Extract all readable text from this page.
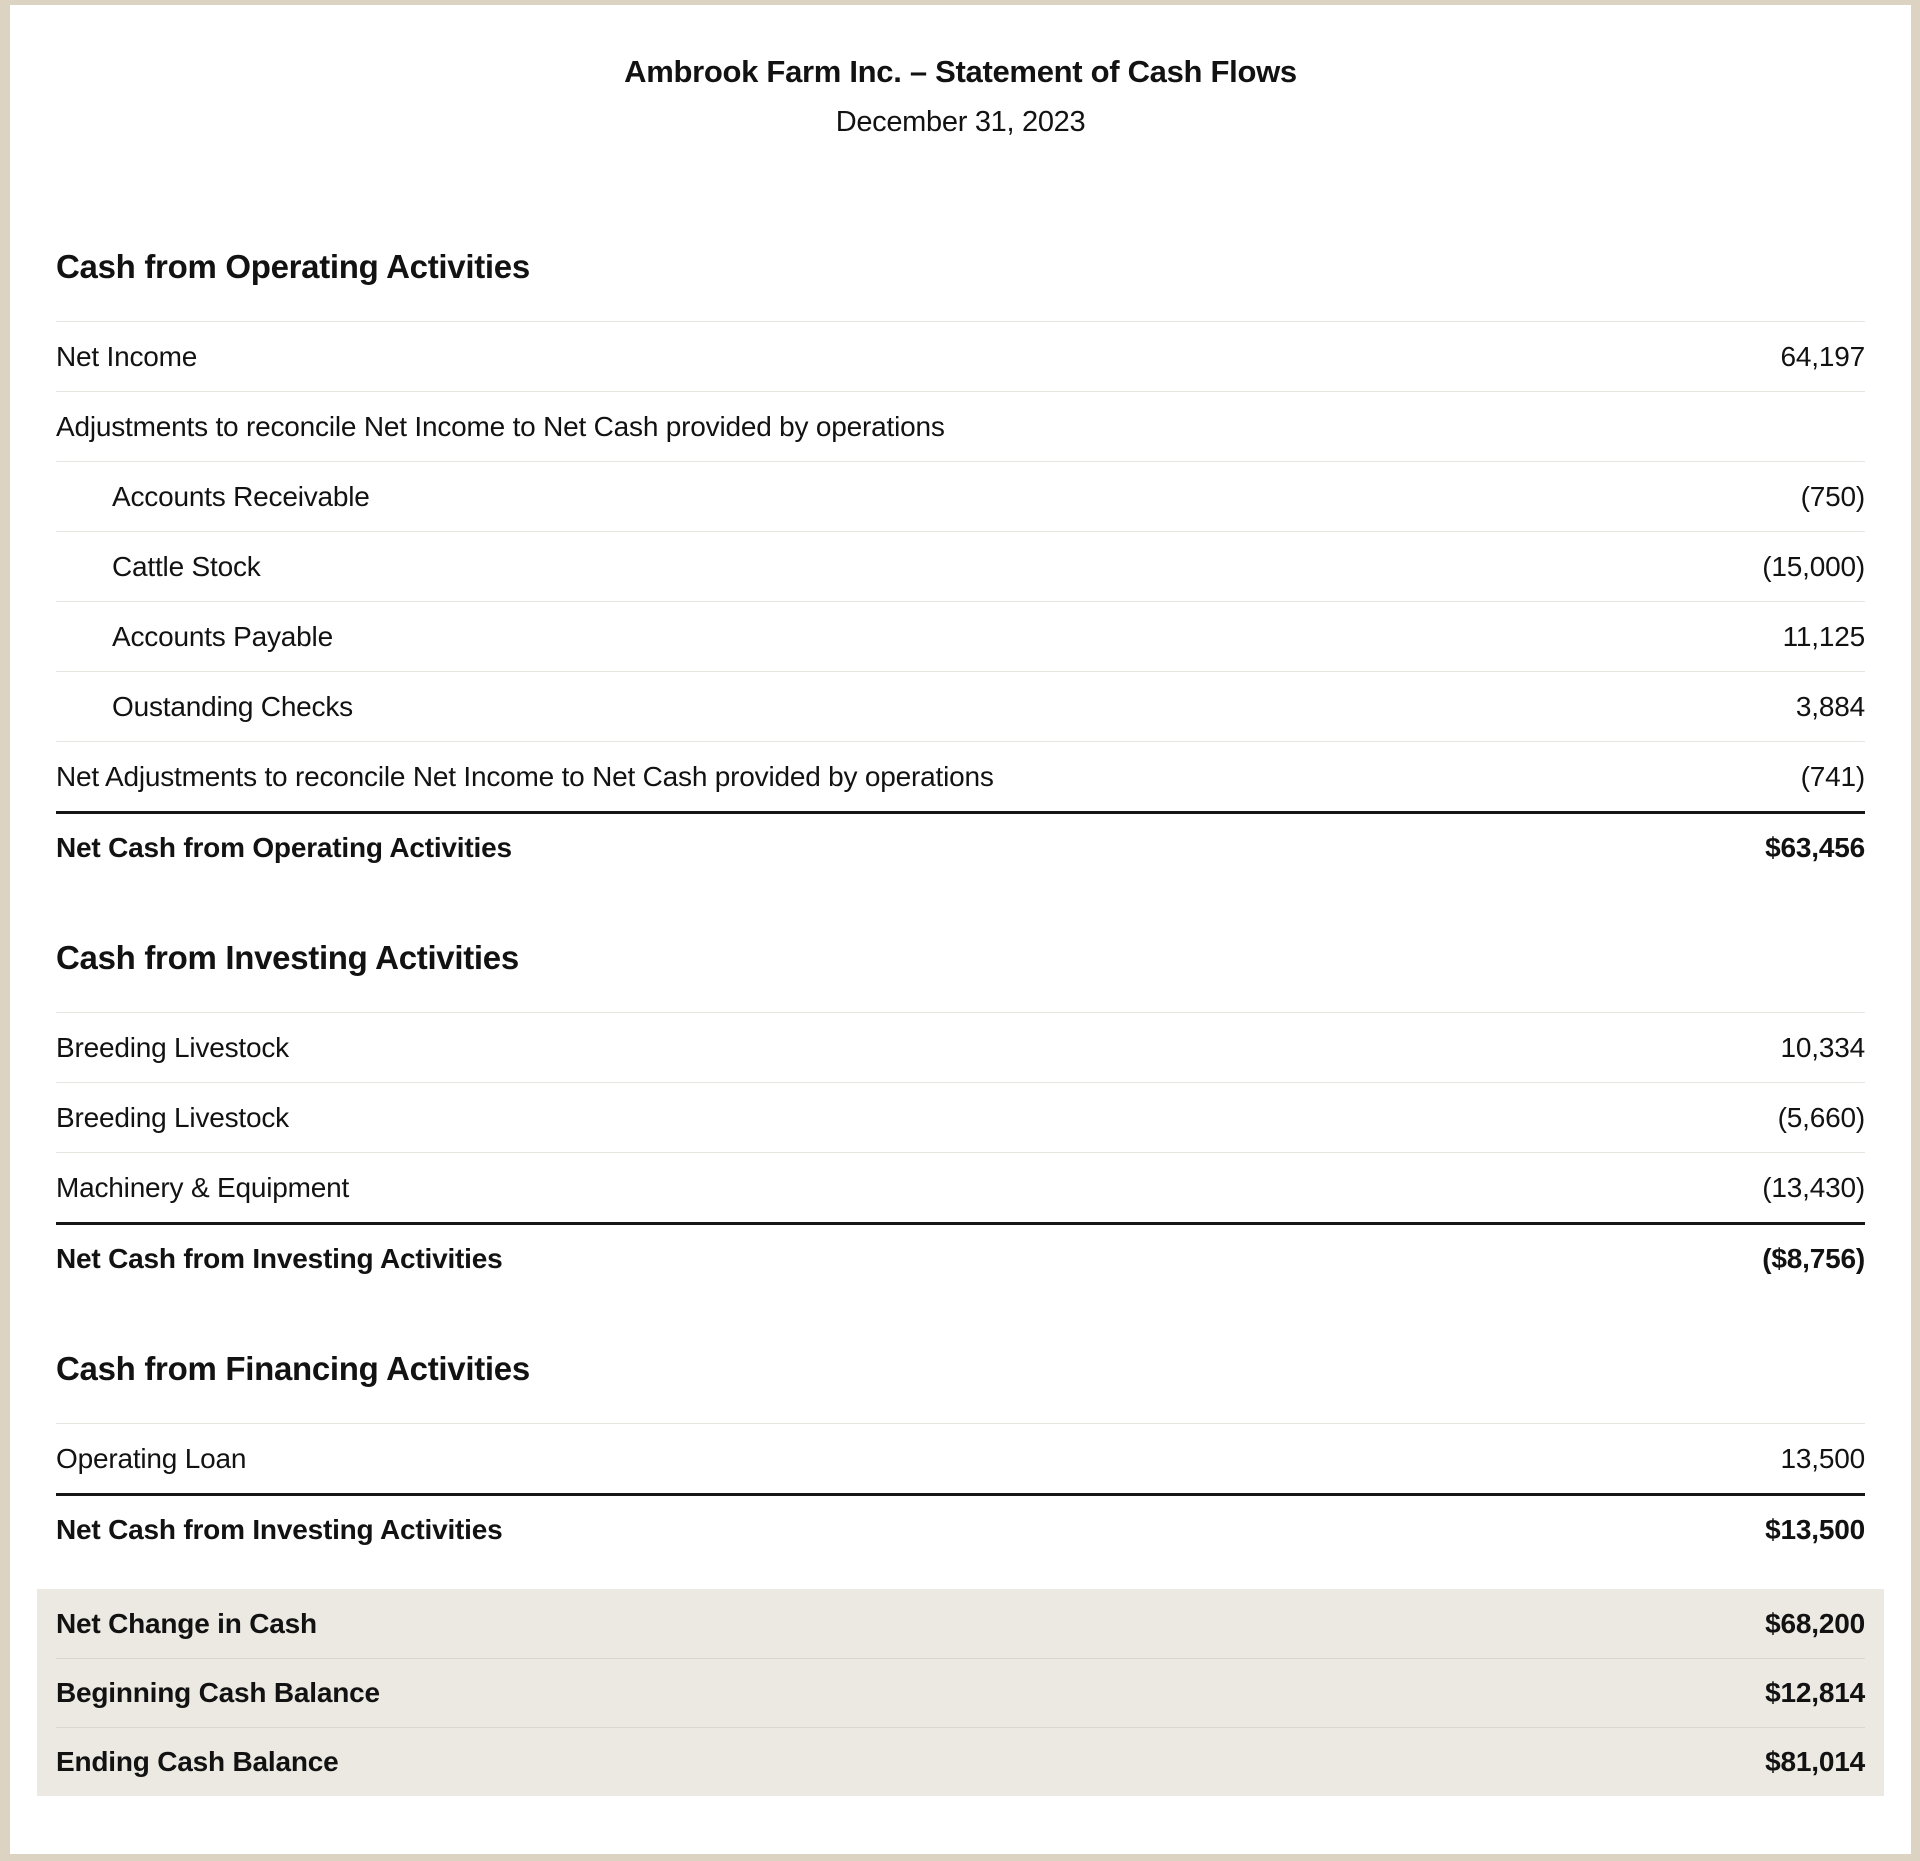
Ambrook Farm Inc. – Statement of Cash Flows
December 31, 2023
Cash from Operating Activities
Net Income	64,197
Adjustments to reconcile Net Income to Net Cash provided by operations
Accounts Receivable	(750)
Cattle Stock	(15,000)
Accounts Payable	11,125
Oustanding Checks	3,884
Net Adjustments to reconcile Net Income to Net Cash provided by operations	(741)
Net Cash from Operating Activities	$63,456
Cash from Investing Activities
Breeding Livestock	10,334
Breeding Livestock	(5,660)
Machinery & Equipment	(13,430)
Net Cash from Investing Activities	($8,756)
Cash from Financing Activities
Operating Loan	13,500
Net Cash from Investing Activities	$13,500
Net Change in Cash	$68,200
Beginning Cash Balance	$12,814
Ending Cash Balance	$81,014
